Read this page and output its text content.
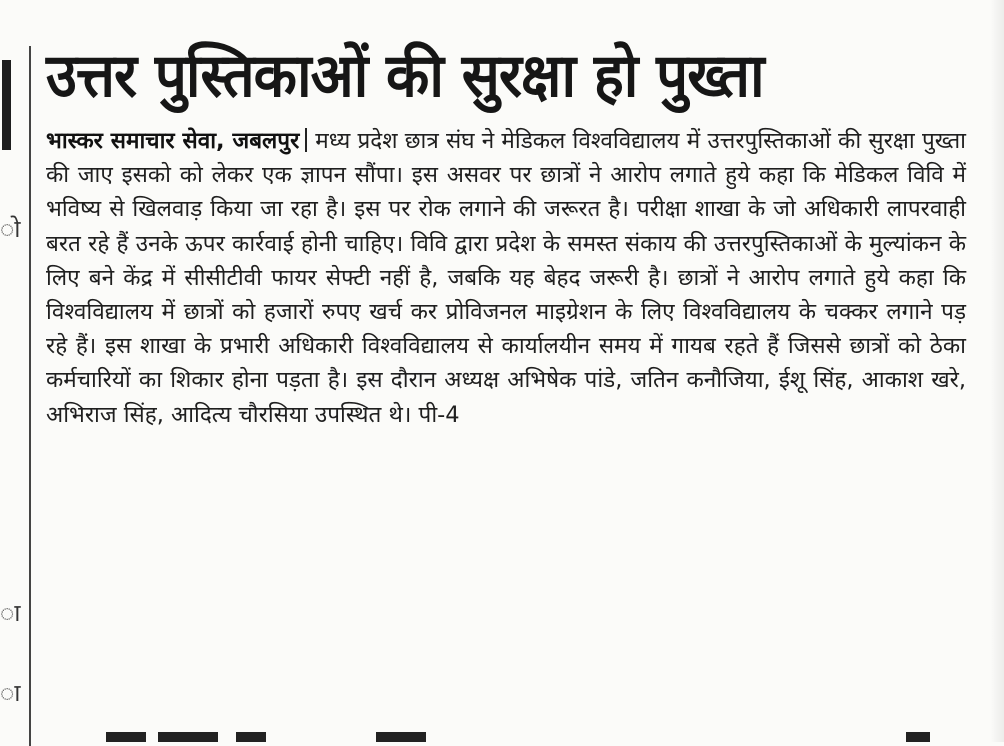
ो
ा
ा
उत्तर पुस्तिकाओं की सुरक्षा हो पुख्ता

भास्कर समाचार सेवा, जबलपुर मध्य प्रदेश छात्र संघ ने मेडिकल विश्वविद्यालय में उत्तरपुस्तिकाओं की सुरक्षा पुख्ता की जाए इसको को लेकर एक ज्ञापन सौंपा। इस असवर पर छात्रों ने आरोप लगाते हुये कहा कि मेडिकल विवि में भविष्य से खिलवाड़ किया जा रहा है। इस पर रोक लगाने की जरूरत है। परीक्षा शाखा के जो अधिकारी लापरवाही बरत रहे हैं उनके ऊपर कार्रवाई होनी चाहिए। विवि द्वारा प्रदेश के समस्त संकाय की उत्तरपुस्तिकाओं के मुल्यांकन के लिए बने केंद्र में सीसीटीवी फायर सेफ्टी नहीं है, जबकि यह बेहद जरूरी है। छात्रों ने आरोप लगाते हुये कहा कि विश्वविद्यालय में छात्रों को हजारों रुपए खर्च कर प्रोविजनल माइग्रेशन के लिए विश्वविद्यालय के चक्कर लगाने पड़ रहे हैं। इस शाखा के प्रभारी अधिकारी विश्वविद्यालय से कार्यालयीन समय में गायब रहते हैं जिससे छात्रों को ठेका कर्मचारियों का शिकार होना पड़ता है। इस दौरान अध्यक्ष अभिषेक पांडे, जतिन कनौजिया, ईशू सिंह, आकाश खरे, अभिराज सिंह, आदित्य चौरसिया उपस्थित थे। पी-4
